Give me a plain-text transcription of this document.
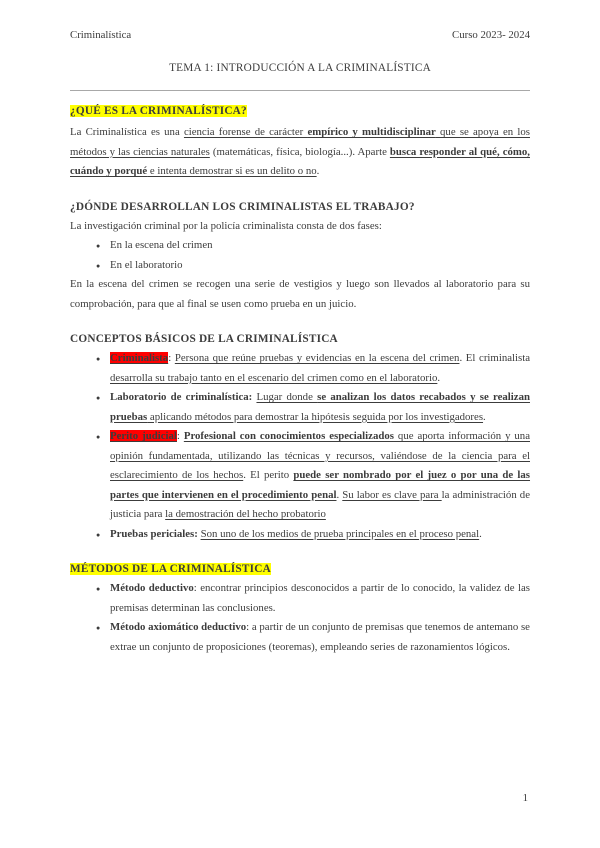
Criminalística	Curso 2023- 2024
TEMA 1: INTRODUCCIÓN A LA CRIMINALÍSTICA
¿QUÉ ES LA CRIMINALÍSTICA?

La Criminalística es una ciencia forense de carácter empírico y multidisciplinar que se apoya en los métodos y las ciencias naturales (matemáticas, física, biología...). Aparte busca responder al qué, cómo, cuándo y porqué e intenta demostrar si es un delito o no.

¿DÓNDE DESARROLLAN LOS CRIMINALISTAS EL TRABAJO?

La investigación criminal por la policía criminalista consta de dos fases:

● En la escena del crimen
● En el laboratorio

En la escena del crimen se recogen una serie de vestigios y luego son llevados al laboratorio para su comprobación, para que al final se usen como prueba en un juicio.

CONCEPTOS BÁSICOS DE LA CRIMINALÍSTICA
● Criminalista: Persona que reúne pruebas y evidencias en la escena del crimen. El criminalista desarrolla su trabajo tanto en el escenario del crimen como en el laboratorio.
● Laboratorio de criminalística: Lugar donde se analizan los datos recabados y se realizan pruebas aplicando métodos para demostrar la hipótesis seguida por los investigadores.
● Perito judicial: Profesional con conocimientos especializados que aporta información y una opinión fundamentada, utilizando las técnicas y recursos, valiéndose de la ciencia para el esclarecimiento de los hechos. El perito puede ser nombrado por el juez o por una de las partes que intervienen en el procedimiento penal. Su labor es clave para la administración de justicia para la demostración del hecho probatorio
● Pruebas periciales: Son uno de los medios de prueba principales en el proceso penal.
MÉTODOS DE LA CRIMINALÍSTICA
● Método deductivo: encontrar principios desconocidos a partir de lo conocido, la validez de las premisas determinan las conclusiones.
● Método axiomático deductivo: a partir de un conjunto de premisas que tenemos de antemano se extrae un conjunto de proposiciones (teoremas), empleando series de razonamientos lógicos.
1
